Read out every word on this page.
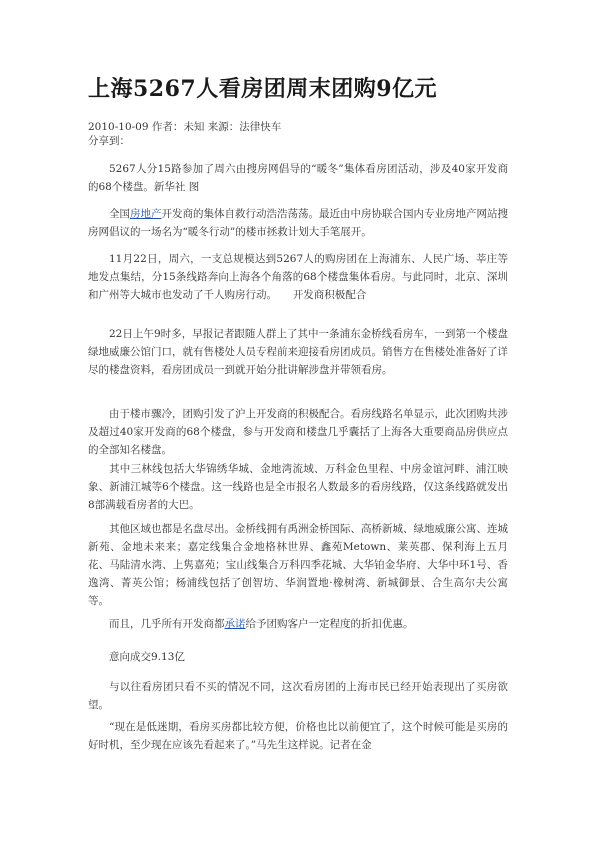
上海5267人看房团周末团购9亿元
2010-10-09 作者：未知 来源：法律快车
分享到：

5267人分15路参加了周六由搜房网倡导的“暖冬”集体看房团活动，涉及40家开发商的68个楼盘。新华社 图

全国房地产开发商的集体自救行动浩浩荡荡。最近由中房协联合国内专业房地产网站搜房网倡议的一场名为“暖冬行动”的楼市拯救计划大手笔展开。

11月22日，周六，一支总规模达到5267人的购房团在上海浦东、人民广场、莘庄等地发点集结，分15条线路奔向上海各个角落的68个楼盘集体看房。与此同时，北京、深圳和广州等大城市也发动了千人购房行动。　　开发商积极配合

22日上午9时多，早报记者跟随人群上了其中一条浦东金桥线看房车，一到第一个楼盘绿地威廉公馆门口，就有售楼处人员专程前来迎接看房团成员。销售方在售楼处准备好了详尽的楼盘资料，看房团成员一到就开始分批讲解涉盘并带领看房。

由于楼市骤冷，团购引发了沪上开发商的积极配合。看房线路名单显示，此次团购共涉及超过40家开发商的68个楼盘，参与开发商和楼盘几乎囊括了上海各大重要商品房供应点的全部知名楼盘。

其中三林线包括大华锦绣华城、金地湾流域、万科金色里程、中房金谊河畔、浦江映象、新浦江城等6个楼盘。这一线路也是全市报名人数最多的看房线路，仅这条线路就发出8部满载看房者的大巴。

其他区域也都是名盘尽出。金桥线拥有禹洲金桥国际、高桥新城、绿地威廉公寓、连城新苑、金地未来来；嘉定线集合金地格林世界、鑫苑Metown、莱英郡、保利海上五月花、马陆清水湾、上隽嘉苑；宝山线集合万科四季花城、大华铂金华府、大华中环1号、香逸湾、菁英公馆；杨浦线包括了创智坊、华润置地·橡树湾、新城御景、合生高尔夫公寓等。

而且，几乎所有开发商都承诺给予团购客户一定程度的折扣优惠。

意向成交9.13亿

与以往看房团只看不买的情况不同，这次看房团的上海市民已经开始表现出了买房欲望。

“现在是低迷期，看房买房都比较方便，价格也比以前便宜了，这个时候可能是买房的好时机，至少现在应该先看起来了。”马先生这样说。记者在金
